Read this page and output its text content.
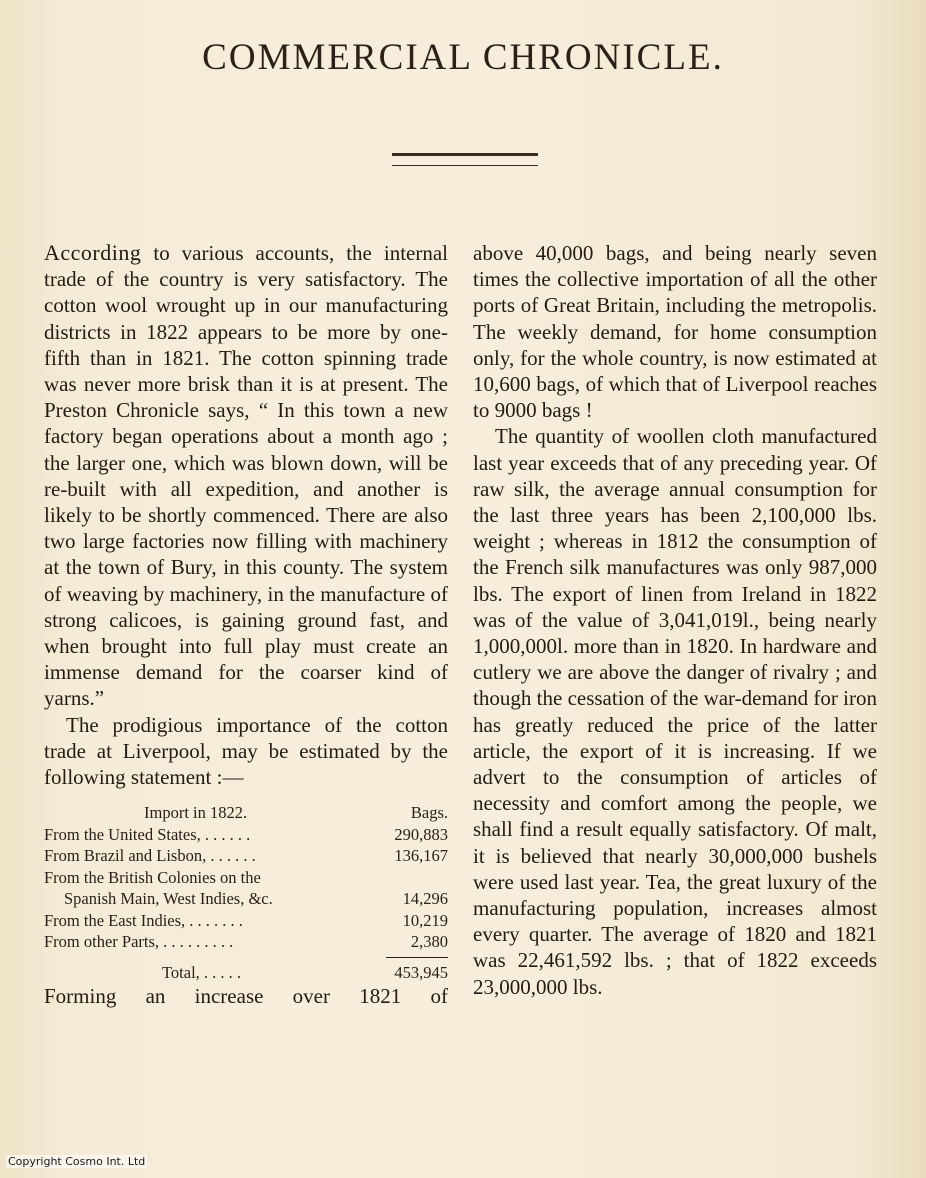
COMMERCIAL CHRONICLE.

According to various accounts, the internal trade of the country is very satisfactory. The cotton wool wrought up in our manufacturing districts in 1822 appears to be more by one-fifth than in 1821. The cotton spinning trade was never more brisk than it is at present. The Preston Chronicle says, “ In this town a new factory began operations about a month ago ; the larger one, which was blown down, will be re-built with all expedition, and another is likely to be shortly commenced. There are also two large factories now filling with machinery at the town of Bury, in this county. The system of weaving by machinery, in the manufacture of strong calicoes, is gaining ground fast, and when brought into full play must create an immense demand for the coarser kind of yarns.”

The prodigious importance of the cotton trade at Liverpool, may be estimated by the following statement :—

Import in 1822.	Bags.
From the United States, . . . . . .	290,883
From Brazil and Lisbon, . . . . . .	136,167
From the British Colonies on the
Spanish Main, West Indies, &c.	14,296
From the East Indies, . . . . . . .	10,219
From other Parts, . . . . . . . . .	2,380
Total, . . . . .	453,945

Forming an increase over 1821 of

above 40,000 bags, and being nearly seven times the collective importation of all the other ports of Great Britain, including the metropolis. The weekly demand, for home consumption only, for the whole country, is now estimated at 10,600 bags, of which that of Liverpool reaches to 9000 bags !

The quantity of woollen cloth manufactured last year exceeds that of any preceding year. Of raw silk, the average annual consumption for the last three years has been 2,100,000 lbs. weight ; whereas in 1812 the consumption of the French silk manufactures was only 987,000 lbs. The export of linen from Ireland in 1822 was of the value of 3,041,019l., being nearly 1,000,000l. more than in 1820. In hardware and cutlery we are above the danger of rivalry ; and though the cessation of the war-demand for iron has greatly reduced the price of the latter article, the export of it is increasing. If we advert to the consumption of articles of necessity and comfort among the people, we shall find a result equally satisfactory. Of malt, it is believed that nearly 30,000,000 bushels were used last year. Tea, the great luxury of the manufacturing population, increases almost every quarter. The average of 1820 and 1821 was 22,461,592 lbs. ; that of 1822 exceeds 23,000,000 lbs.

Copyright Cosmo Int. Ltd
